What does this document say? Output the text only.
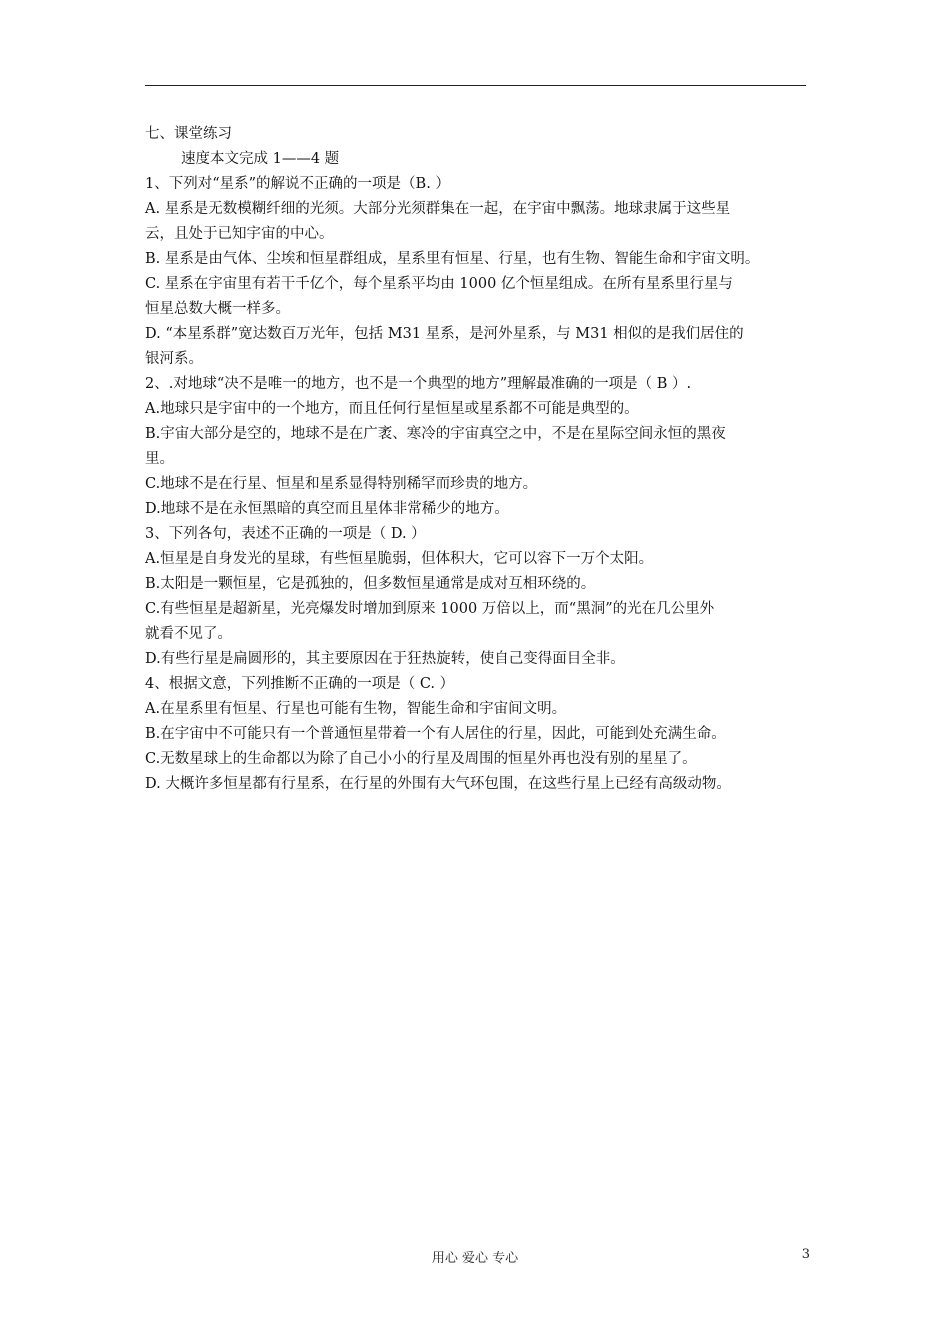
七、课堂练习
速度本文完成 1——4 题
1、下列对“星系”的解说不正确的一项是（B. ）
A. 星系是无数模糊纤细的光须。大部分光须群集在一起，在宇宙中飘荡。地球隶属于这些星
云，且处于已知宇宙的中心。
B. 星系是由气体、尘埃和恒星群组成，星系里有恒星、行星，也有生物、智能生命和宇宙文明。
C. 星系在宇宙里有若干千亿个，每个星系平均由 1000 亿个恒星组成。在所有星系里行星与
恒星总数大概一样多。
D. “本星系群”宽达数百万光年，包括 M31 星系，是河外星系，与 M31 相似的是我们居住的
银河系。
2、.对地球“决不是唯一的地方，也不是一个典型的地方”理解最准确的一项是（ B ）.
A.地球只是宇宙中的一个地方，而且任何行星恒星或星系都不可能是典型的。
B.宇宙大部分是空的，地球不是在广袤、寒冷的宇宙真空之中，不是在星际空间永恒的黑夜
里。
C.地球不是在行星、恒星和星系显得特别稀罕而珍贵的地方。
D.地球不是在永恒黑暗的真空而且星体非常稀少的地方。
3、下列各句，表述不正确的一项是（ D. ）
A.恒星是自身发光的星球，有些恒星脆弱，但体积大，它可以容下一万个太阳。
B.太阳是一颗恒星，它是孤独的，但多数恒星通常是成对互相环绕的。
C.有些恒星是超新星，光亮爆发时增加到原来 1000 万倍以上，而“黑洞”的光在几公里外
就看不见了。
D.有些行星是扁圆形的，其主要原因在于狂热旋转，使自己变得面目全非。
4、根据文意，下列推断不正确的一项是（ C. ）
A.在星系里有恒星、行星也可能有生物，智能生命和宇宙间文明。
B.在宇宙中不可能只有一个普通恒星带着一个有人居住的行星，因此，可能到处充满生命。
C.无数星球上的生命都以为除了自己小小的行星及周围的恒星外再也没有别的星星了。
D. 大概许多恒星都有行星系，在行星的外围有大气环包围，在这些行星上已经有高级动物。
用心 爱心 专心	3
